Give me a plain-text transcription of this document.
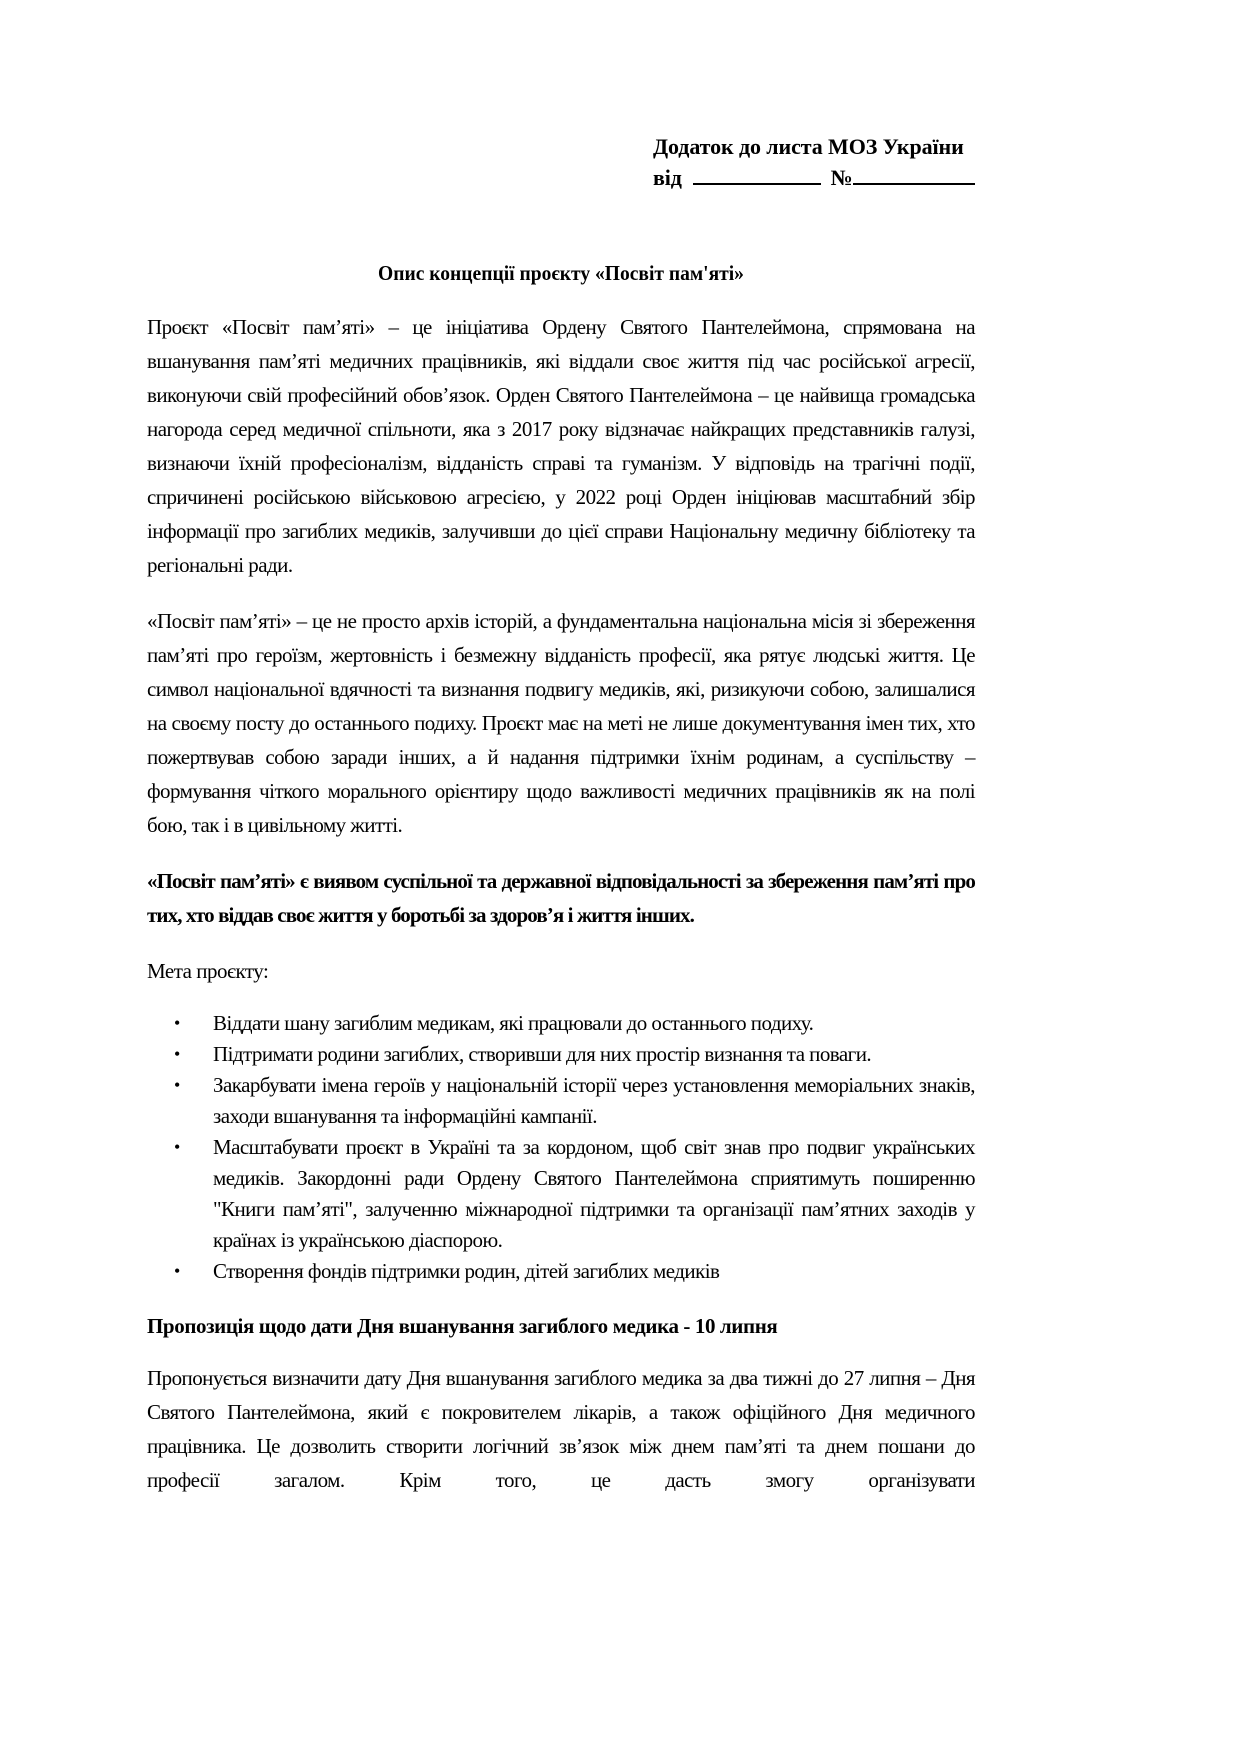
Додаток до листа МОЗ України
від	№
Опис концепції проєкту «Посвіт пам'яті»

Проєкт «Посвіт пам’яті» – це ініціатива Ордену Святого Пантелеймона, спрямована на вшанування пам’яті медичних працівників, які віддали своє життя під час російської агресії, виконуючи свій професійний обов’язок. Орден Святого Пантелеймона – це найвища громадська нагорода серед медичної спільноти, яка з 2017 року відзначає найкращих представників галузі, визнаючи їхній професіоналізм, відданість справі та гуманізм. У відповідь на трагічні події, спричинені російською військовою агресією, у 2022 році Орден ініціював масштабний збір інформації про загиблих медиків, залучивши до цієї справи Національну медичну бібліотеку та регіональні ради.

«Посвіт пам’яті» – це не просто архів історій, а фундаментальна національна місія зі збереження пам’яті про героїзм, жертовність і безмежну відданість професії, яка рятує людські життя. Це символ національної вдячності та визнання подвигу медиків, які, ризикуючи собою, залишалися на своєму посту до останнього подиху. Проєкт має на меті не лише документування імен тих, хто пожертвував собою заради інших, а й надання підтримки їхнім родинам, а суспільству – формування чіткого морального орієнтиру щодо важливості медичних працівників як на полі бою, так і в цивільному житті.

«Посвіт пам’яті» є виявом суспільної та державної відповідальності за збереження пам’яті про тих, хто віддав своє життя у боротьбі за здоров’я і життя інших.

Мета проєкту:
• Віддати шану загиблим медикам, які працювали до останнього подиху.
• Підтримати родини загиблих, створивши для них простір визнання та поваги.
• Закарбувати імена героїв у національній історії через установлення меморіальних знаків, заходи вшанування та інформаційні кампанії.
• Масштабувати проєкт в Україні та за кордоном, щоб світ знав про подвиг українських медиків. Закордонні ради Ордену Святого Пантелеймона сприятимуть поширенню "Книги пам’яті", залученню міжнародної підтримки та організації пам’ятних заходів у країнах із українською діаспорою.
• Створення фондів підтримки родин, дітей загиблих медиків
Пропозиція щодо дати Дня вшанування загиблого медика - 10 липня

Пропонується визначити дату Дня вшанування загиблого медика за два тижні до 27 липня – Дня Святого Пантелеймона, який є покровителем лікарів, а також офіційного Дня медичного працівника. Це дозволить створити логічний зв’язок між днем пам’яті та днем пошани до професії загалом. Крім того, це дасть змогу організувати
